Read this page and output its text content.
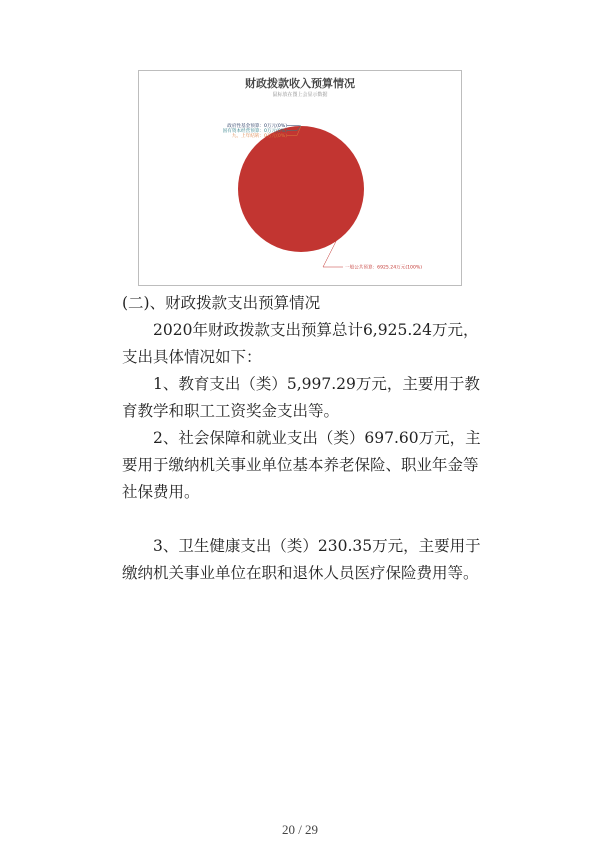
财政拨款收入预算情况
鼠标放在图上会显示数据
政府性基金预算：0万元(0%)
国有资本经营预算：0万元(0%)
九、上年结转：0万元(0%)
一般公共预算：6925.24万元(100%)

(二)、财政拨款支出预算情况

2020年财政拨款支出预算总计6,925.24万元，支出具体情况如下：

1、教育支出（类）5,997.29万元，主要用于教育教学和职工工资奖金支出等。

2、社会保障和就业支出（类）697.60万元，主要用于缴纳机关事业单位基本养老保险、职业年金等社保费用。

3、卫生健康支出（类）230.35万元，主要用于缴纳机关事业单位在职和退休人员医疗保险费用等。

20 / 29
